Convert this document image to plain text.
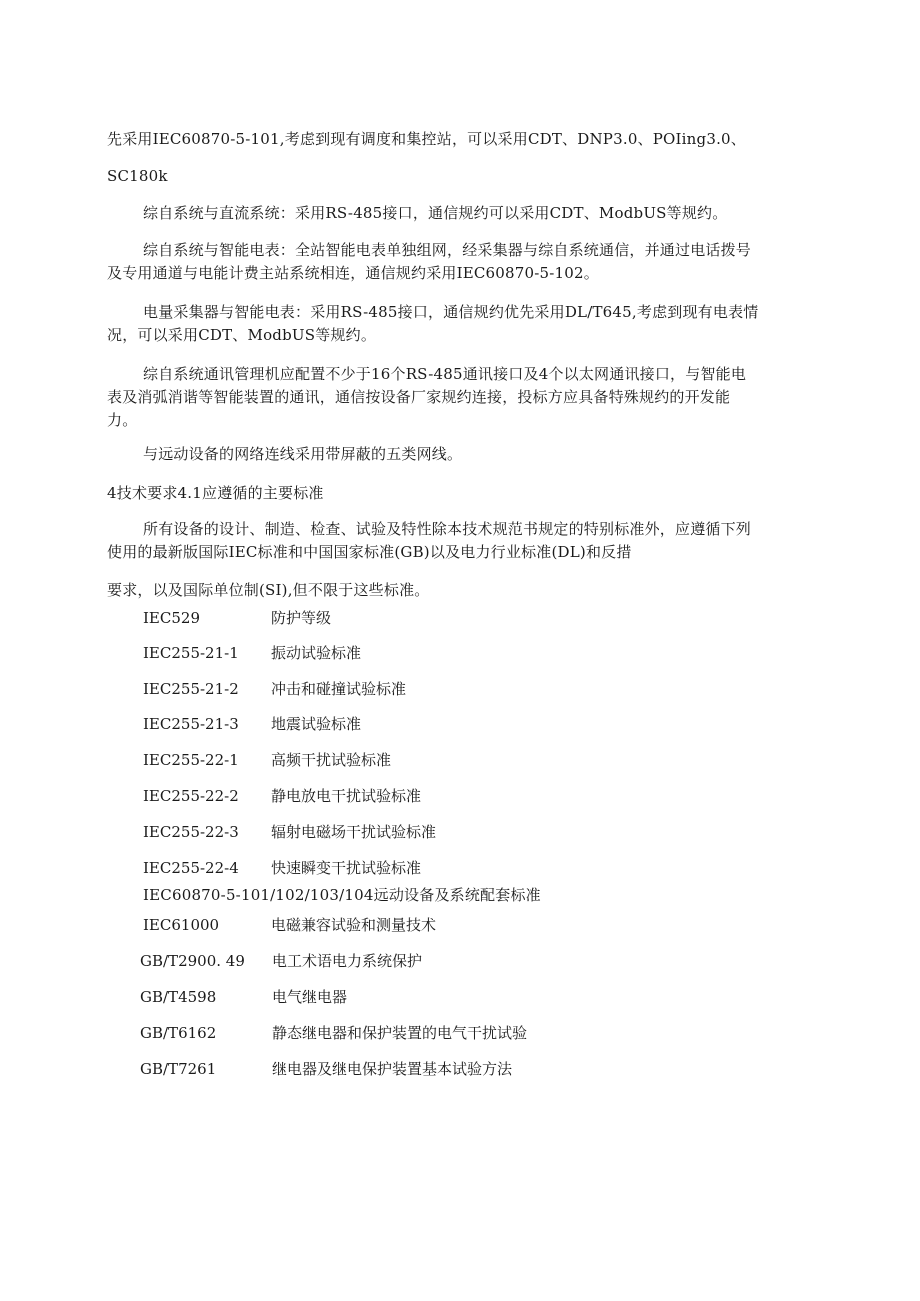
先采用IEC60870-5-101,考虑到现有调度和集控站，可以采用CDT、DNP3.0、POIing3.0、
SC180k
综自系统与直流系统：采用RS-485接口，通信规约可以采用CDT、ModbUS等规约。
综自系统与智能电表：全站智能电表单独组网，经采集器与综自系统通信，并通过电话拨号
及专用通道与电能计费主站系统相连，通信规约采用IEC60870-5-102。
电量采集器与智能电表：采用RS-485接口，通信规约优先采用DL/T645,考虑到现有电表情
况，可以采用CDT、ModbUS等规约。
综自系统通讯管理机应配置不少于16个RS-485通讯接口及4个以太网通讯接口，与智能电
表及消弧消谐等智能装置的通讯，通信按设备厂家规约连接，投标方应具备特殊规约的开发能
力。
与远动设备的网络连线采用带屏蔽的五类网线。
4技术要求4.1应遵循的主要标准
所有设备的设计、制造、检查、试验及特性除本技术规范书规定的特别标准外，应遵循下列
使用的最新版国际IEC标准和中国国家标准(GB)以及电力行业标准(DL)和反措
要求，以及国际单位制(SI),但不限于这些标准。
IEC529	防护等级
IEC255-21-1 振动试验标准
IEC255-21-2 冲击和碰撞试验标准
IEC255-21-3 地震试验标准
IEC255-22-1 高频干扰试验标准
IEC255-22-2 静电放电干扰试验标准
IEC255-22-3 辐射电磁场干扰试验标准
IEC255-22-4 快速瞬变干扰试验标准
IEC60870-5-101/102/103/104远动设备及系统配套标准
IEC61000	电磁兼容试验和测量技术
GB/T2900. 49 电工术语电力系统保护
GB/T4598	电气继电器
GB/T6162	静态继电器和保护装置的电气干扰试验
GB/T7261	继电器及继电保护装置基本试验方法
